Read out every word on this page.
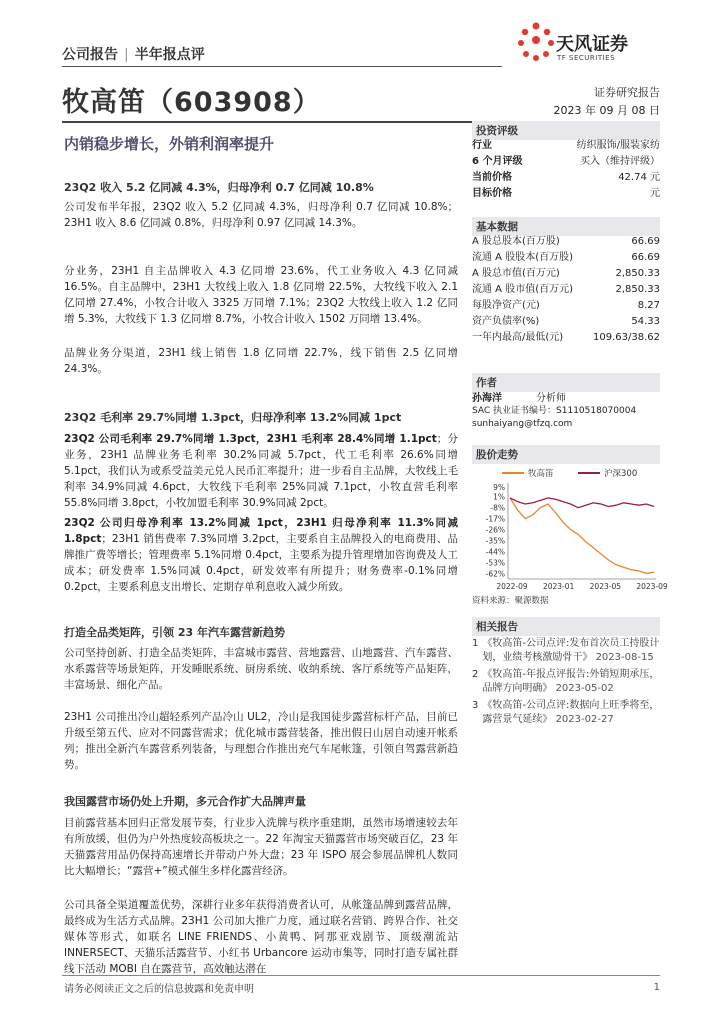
公司报告 | 半年报点评	天风证券
TF SECURITIES
牧高笛（603908）	证券研究报告
2023 年 09 月 08 日
内销稳步增长，外销利润率提升
23Q2 收入 5.2 亿同减 4.3%，归母净利 0.7 亿同减 10.8%

公司发布半年报，23Q2 收入 5.2 亿同减 4.3%，归母净利 0.7 亿同减 10.8%；23H1 收入 8.6 亿同减 0.8%，归母净利 0.97 亿同减 14.3%。

分业务，23H1 自主品牌收入 4.3 亿同增 23.6%，代工业务收入 4.3 亿同减 16.5%。自主品牌中，23H1 大牧线上收入 1.8 亿同增 22.5%，大牧线下收入 2.1 亿同增 27.4%，小牧合计收入 3325 万同增 7.1%；23Q2 大牧线上收入 1.2 亿同增 5.3%，大牧线下 1.3 亿同增 8.7%，小牧合计收入 1502 万同增 13.4%。

品牌业务分渠道，23H1 线上销售 1.8 亿同增 22.7%，线下销售 2.5 亿同增 24.3%。

23Q2 毛利率 29.7%同增 1.3pct，归母净利率 13.2%同减 1pct

23Q2 公司毛利率 29.7%同增 1.3pct，23H1 毛利率 28.4%同增 1.1pct；分业务，23H1 品牌业务毛利率 30.2%同减 5.7pct，代工毛利率 26.6%同增 5.1pct，我们认为或系受益美元兑人民币汇率提升；进一步看自主品牌，大牧线上毛利率 34.9%同减 4.6pct，大牧线下毛利率 25%同减 7.1pct，小牧直营毛利率 55.8%同增 3.8pct，小牧加盟毛利率 30.9%同减 2pct。

23Q2 公司归母净利率 13.2%同减 1pct，23H1 归母净利率 11.3%同减 1.8pct；23H1 销售费率 7.3%同增 3.2pct，主要系自主品牌投入的电商费用、品牌推广费等增长；管理费率 5.1%同增 0.4pct，主要系为提升管理增加咨询费及人工成本；研发费率 1.5%同减 0.4pct，研发效率有所提升；财务费率-0.1%同增 0.2pct，主要系利息支出增长、定期存单利息收入减少所致。

打造全品类矩阵，引领 23 年汽车露营新趋势

公司坚持创新、打造全品类矩阵，丰富城市露营、营地露营、山地露营、汽车露营、水系露营等场景矩阵，开发睡眠系统、厨房系统、收纳系统、客厅系统等产品矩阵，丰富场景、细化产品。

23H1 公司推出冷山超轻系列产品冷山 UL2，冷山是我国徒步露营标杆产品，目前已升级至第五代、应对不同露营需求；优化城市露营装备，推出假日山居自动速开帐系列；推出全新汽车露营系列装备，与理想合作推出充气车尾帐篷，引领自驾露营新趋势。

我国露营市场仍处上升期，多元合作扩大品牌声量

目前露营基本回归正常发展节奏，行业步入洗牌与秩序重建期，虽然市场增速较去年有所放缓，但仍为户外热度较高板块之一。22 年淘宝天猫露营市场突破百亿，23 年天猫露营用品仍保持高速增长并带动户外大盘；23 年 ISPO 展会参展品牌机人数同比大幅增长；“露营+”模式催生多样化露营经济。

公司具备全渠道覆盖优势，深耕行业多年获得消费者认可，从帐篷品牌到露营品牌，最终成为生活方式品牌。23H1 公司加大推广力度，通过联名营销、跨界合作、社交媒体等形式，如联名 LINE FRIENDS、小黄鸭、阿那亚戏剧节、顶级潮流站 INNERSECT、天猫乐活露营节、小红书 Urbancore 运动市集等，同时打造专属社群线下活动 MOBI 自在露营节，高效触达潜在

投资评级
行业	纺织服饰/服装家纺
6 个月评级	买入（维持评级）
当前价格	42.74 元
目标价格	元
基本数据
A 股总股本(百万股)	66.69
流通 A 股股本(百万股)	66.69
A 股总市值(百万元)	2,850.33
流通 A 股市值(百万元)	2,850.33
每股净资产(元)	8.27
资产负债率(%)	54.33
一年内最高/最低(元)	109.63/38.62
作者
孙海洋	分析师
SAC 执业证书编号：S1110518070004
sunhaiyang@tfzq.com
股价走势
牧高笛	沪深300
9%
1%
-8%
-17%
-26%
-35%
-44%
-53%
-62%
2022-09 2023-01 2023-05 2023-09
资料来源：聚源数据
相关报告
1 《牧高笛-公司点评:发布首次员工持股计划，业绩考核激励骨干》 2023-08-15
2 《牧高笛-年报点评报告:外销短期承压，品牌方向明确》 2023-05-02
3 《牧高笛-公司点评:数据向上旺季将至，露营景气延续》 2023-02-27
请务必阅读正文之后的信息披露和免责申明	1
